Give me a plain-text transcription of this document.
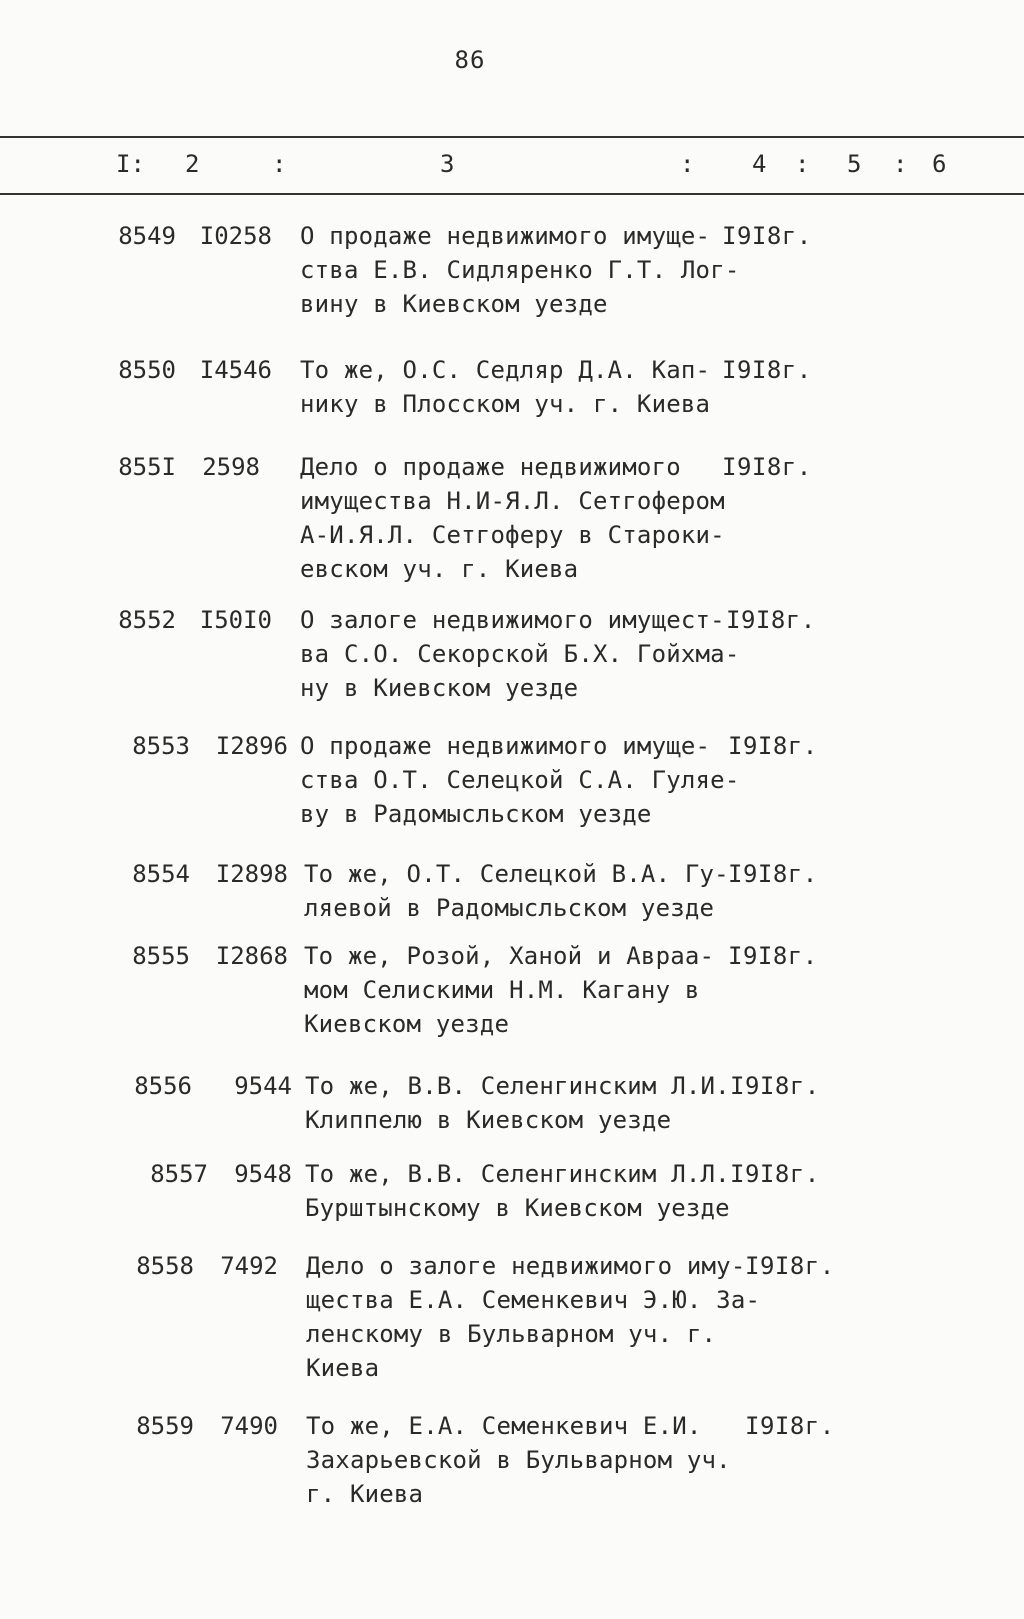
86
I: 2	:	3	: 4 : 5 : 6
8549 I0258 О продаже недвижимого имуще-
ства Е.В. Сидляренко Г.Т. Лог-
вину в Киевском уезде
I9I8г.
8550 I4546 То же, О.С. Седляр Д.А. Кап-
нику в Плосском уч. г. Киева
I9I8г.
855I	2598 Дело о продаже недвижимого
имущества Н.И-Я.Л. Сетгофером
А-И.Я.Л. Сетгоферу в Староки-
евском уч. г. Киева
I9I8г.
8552 I50I0 О залоге недвижимого имущест-
ва С.О. Секорской Б.Х. Гойхма-
ну в Киевском уезде
I9I8г.
8553	I2896 О продаже недвижимого имуще-
ства О.Т. Селецкой С.А. Гуляе-
ву в Радомысльском уезде
I9I8г.
8554	I2898 То же, О.Т. Селецкой В.А. Гу-
ляевой в Радомысльском уезде
I9I8г.
8555	I2868 То же, Розой, Ханой и Авраа-
мом Селискими Н.М. Кагану в
Киевском уезде
I9I8г.
8556	9544 То же, В.В. Селенгинским Л.И.
Клиппелю в Киевском уезде
I9I8г.
8557	9548 То же, В.В. Селенгинским Л.Л.
Бурштынскому в Киевском уезде
I9I8г.
8558	7492 Дело о залоге недвижимого иму-
щества Е.А. Семенкевич Э.Ю. За-
ленскому в Бульварном уч. г.
Киева
I9I8г.
8559	7490 То же, Е.А. Семенкевич Е.И.
Захарьевской в Бульварном уч.
г. Киева
I9I8г.
